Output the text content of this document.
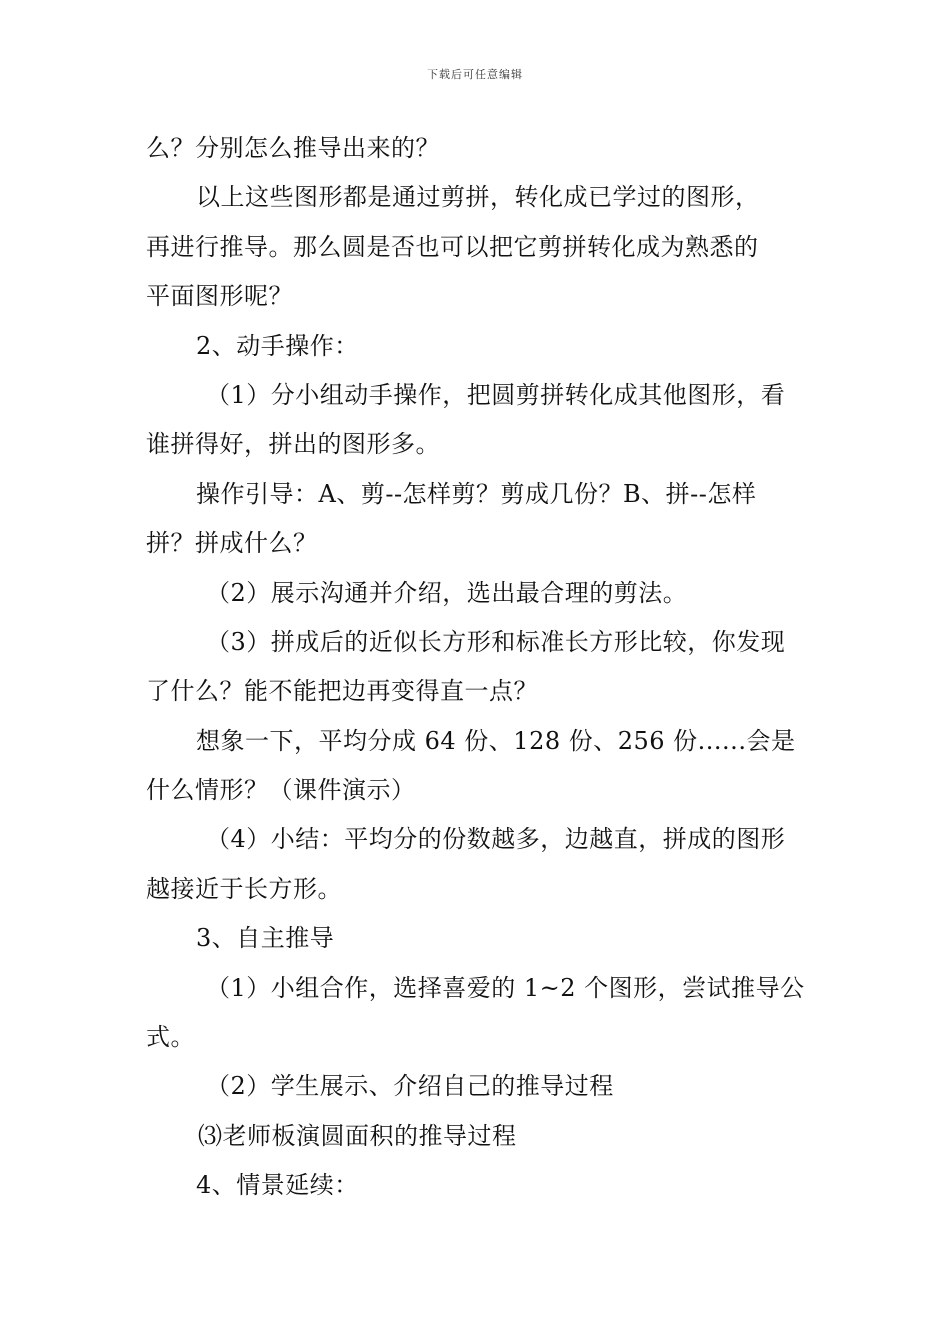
下载后可任意编辑
么？分别怎么推导出来的？
以上这些图形都是通过剪拼，转化成已学过的图形，
再进行推导。那么圆是否也可以把它剪拼转化成为熟悉的
平面图形呢？
2、动手操作：
（1）分小组动手操作，把圆剪拼转化成其他图形，看
谁拼得好，拼出的图形多。
操作引导：A、剪--怎样剪？剪成几份？B、拼--怎样
拼？拼成什么？
（2）展示沟通并介绍，选出最合理的剪法。
（3）拼成后的近似长方形和标准长方形比较，你发现
了什么？能不能把边再变得直一点？
想象一下，平均分成 64 份、128 份、256 份......会是
什么情形？（课件演示）
（4）小结：平均分的份数越多，边越直，拼成的图形
越接近于长方形。
3、自主推导
（1）小组合作，选择喜爱的 1~2 个图形，尝试推导公
式。
（2）学生展示、介绍自己的推导过程
⑶老师板演圆面积的推导过程
4、情景延续：
